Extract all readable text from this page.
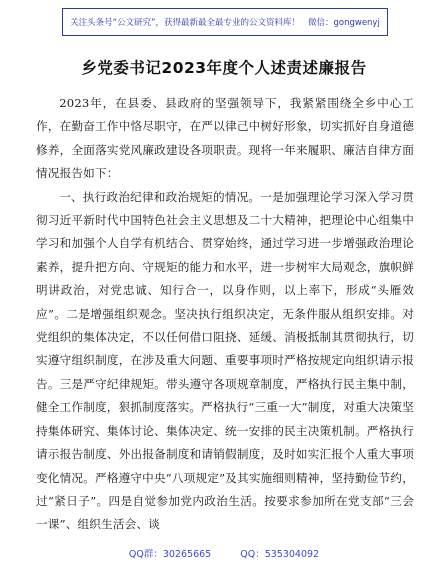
关注头条号“公文研究”，获得最新最全最专业的公文资料库！ 微信：gongwenyj
乡党委书记2023年度个人述责述廉报告

2023年，在县委、县政府的坚强领导下，我紧紧围绕全乡中心工作，在勤奋工作中恪尽职守，在严以律己中树好形象，切实抓好自身道德修养，全面落实党风廉政建设各项职责。现将一年来履职、廉洁自律方面情况报告如下：

一、执行政治纪律和政治规矩的情况。一是加强理论学习深入学习贯彻习近平新时代中国特色社会主义思想及二十大精神，把理论中心组集中学习和加强个人自学有机结合、贯穿始终，通过学习进一步增强政治理论素养，提升把方向、守规矩的能力和水平，进一步树牢大局观念，旗帜鲜明讲政治，对党忠诚、知行合一，以身作则，以上率下，形成“头雁效应”。二是增强组织观念。坚决执行组织决定，无条件服从组织安排。对党组织的集体决定，不以任何借口阻挠、延缓、消极抵制其贯彻执行，切实遵守组织制度，在涉及重大问题、重要事项时严格按规定向组织请示报告。三是严守纪律规矩。带头遵守各项规章制度，严格执行民主集中制，健全工作制度，狠抓制度落实。严格执行“三重一大”制度，对重大决策坚持集体研究、集体讨论、集体决定、统一安排的民主决策机制。严格执行请示报告制度、外出报备制度和请销假制度，及时如实汇报个人重大事项变化情况。严格遵守中央“八项规定”及其实施细则精神，坚持勤俭节约，过“紧日子”。四是自觉参加党内政治生活。按要求参加所在党支部“三会一课”、组织生活会、谈

QQ群：30265665	QQ：535304092
